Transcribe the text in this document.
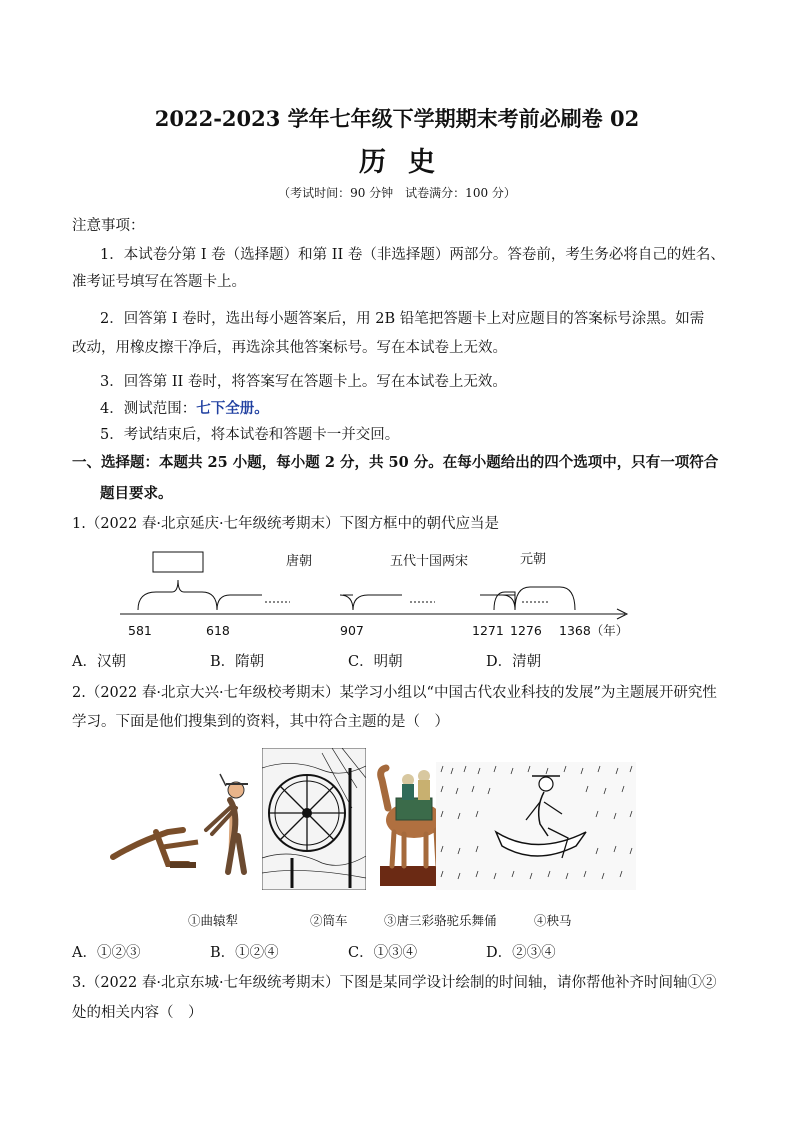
2022-2023 学年七年级下学期期末考前必刷卷 02
历史
（考试时间：90 分钟　试卷满分：100 分）
注意事项：
1．本试卷分第 I 卷（选择题）和第 II 卷（非选择题）两部分。答卷前，考生务必将自己的姓名、
准考证号填写在答题卡上。
2．回答第 I 卷时，选出每小题答案后，用 2B 铅笔把答题卡上对应题目的答案标号涂黑。如需
改动，用橡皮擦干净后，再选涂其他答案标号。写在本试卷上无效。
3．回答第 II 卷时，将答案写在答题卡上。写在本试卷上无效。
4．测试范围：七下全册。
5．考试结束后，将本试卷和答题卡一并交回。
一、选择题：本题共 25 小题，每小题 2 分，共 50 分。在每小题给出的四个选项中，只有一项符合
题目要求。
1.（2022 春·北京延庆·七年级统考期末）下图方框中的朝代应当是
唐朝	五代十国两宋	元朝
581	618	907	1271 1276 1368（年）
A．汉朝	B．隋朝	C．明朝	D．清朝
2.（2022 春·北京大兴·七年级校考期末）某学习小组以“中国古代农业科技的发展”为主题展开研究性
学习。下面是他们搜集到的资料，其中符合主题的是（　）
①曲辕犁	②筒车	③唐三彩骆驼乐舞俑	④秧马
A．①②③	B．①②④	C．①③④	D．②③④
3.（2022 春·北京东城·七年级统考期末）下图是某同学设计绘制的时间轴，请你帮他补齐时间轴①②
处的相关内容（　）
